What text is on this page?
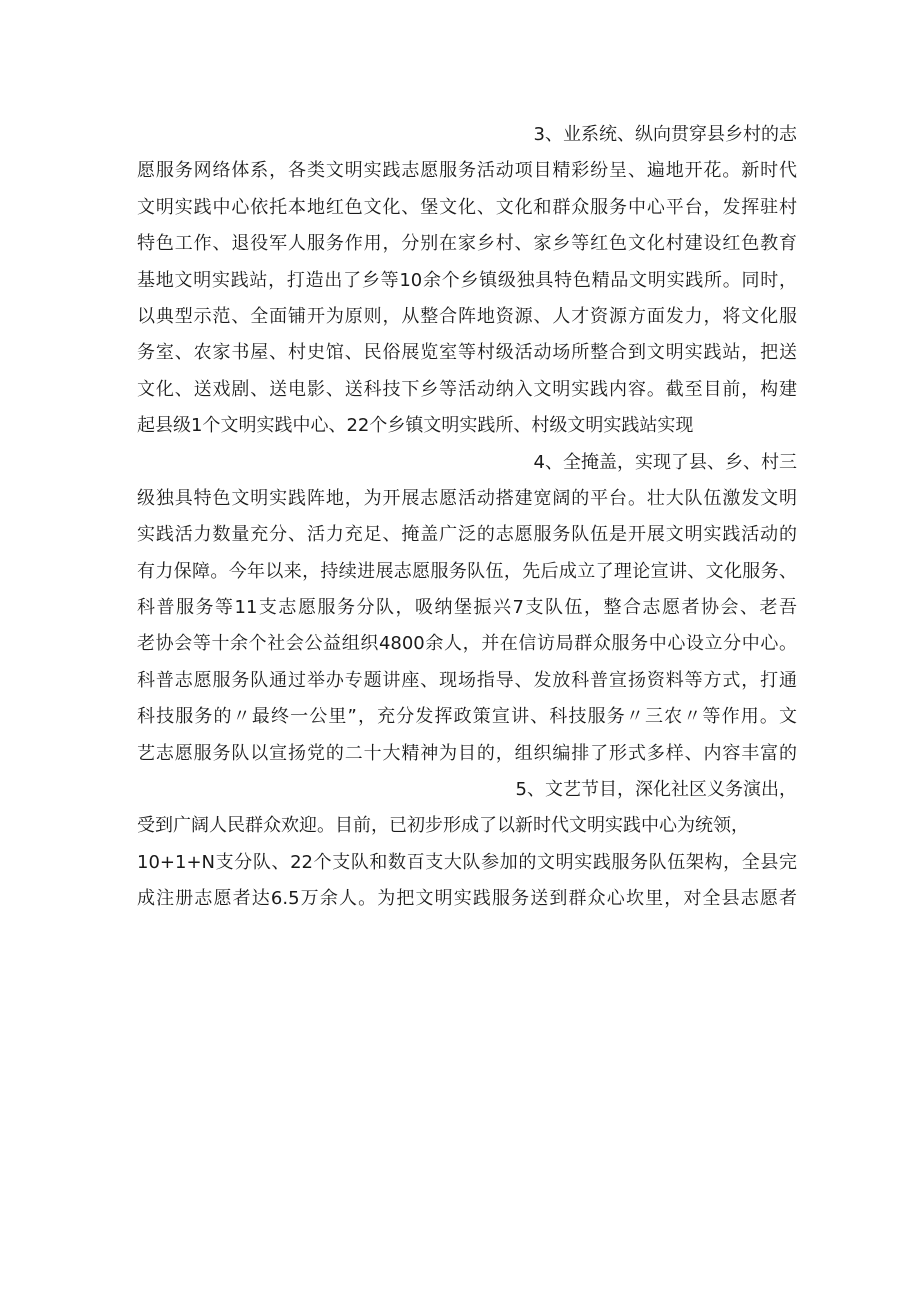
3、业系统、纵向贯穿县乡村的志
愿服务网络体系，各类文明实践志愿服务活动项目精彩纷呈、遍地开花。新时代
文明实践中心依托本地红色文化、堡文化、文化和群众服务中心平台，发挥驻村
特色工作、退役军人服务作用，分别在家乡村、家乡等红色文化村建设红色教育
基地文明实践站，打造出了乡等10余个乡镇级独具特色精品文明实践所。同时，
以典型示范、全面铺开为原则，从整合阵地资源、人才资源方面发力，将文化服
务室、农家书屋、村史馆、民俗展览室等村级活动场所整合到文明实践站，把送
文化、送戏剧、送电影、送科技下乡等活动纳入文明实践内容。截至目前，构建
起县级1个文明实践中心、22个乡镇文明实践所、村级文明实践站实现
4、全掩盖，实现了县、乡、村三
级独具特色文明实践阵地，为开展志愿活动搭建宽阔的平台。壮大队伍激发文明
实践活力数量充分、活力充足、掩盖广泛的志愿服务队伍是开展文明实践活动的
有力保障。今年以来，持续进展志愿服务队伍，先后成立了理论宣讲、文化服务、
科普服务等11支志愿服务分队，吸纳堡振兴7支队伍，整合志愿者协会、老吾
老协会等十余个社会公益组织4800余人，并在信访局群众服务中心设立分中心。
科普志愿服务队通过举办专题讲座、现场指导、发放科普宣扬资料等方式，打通
科技服务的〃最终一公里”，充分发挥政策宣讲、科技服务〃三农〃等作用。文
艺志愿服务队以宣扬党的二十大精神为目的，组织编排了形式多样、内容丰富的
5、文艺节目，深化社区义务演出，
受到广阔人民群众欢迎。目前，已初步形成了以新时代文明实践中心为统领，
10+1+N支分队、22个支队和数百支大队参加的文明实践服务队伍架构，全县完
成注册志愿者达6.5万余人。为把文明实践服务送到群众心坎里，对全县志愿者
